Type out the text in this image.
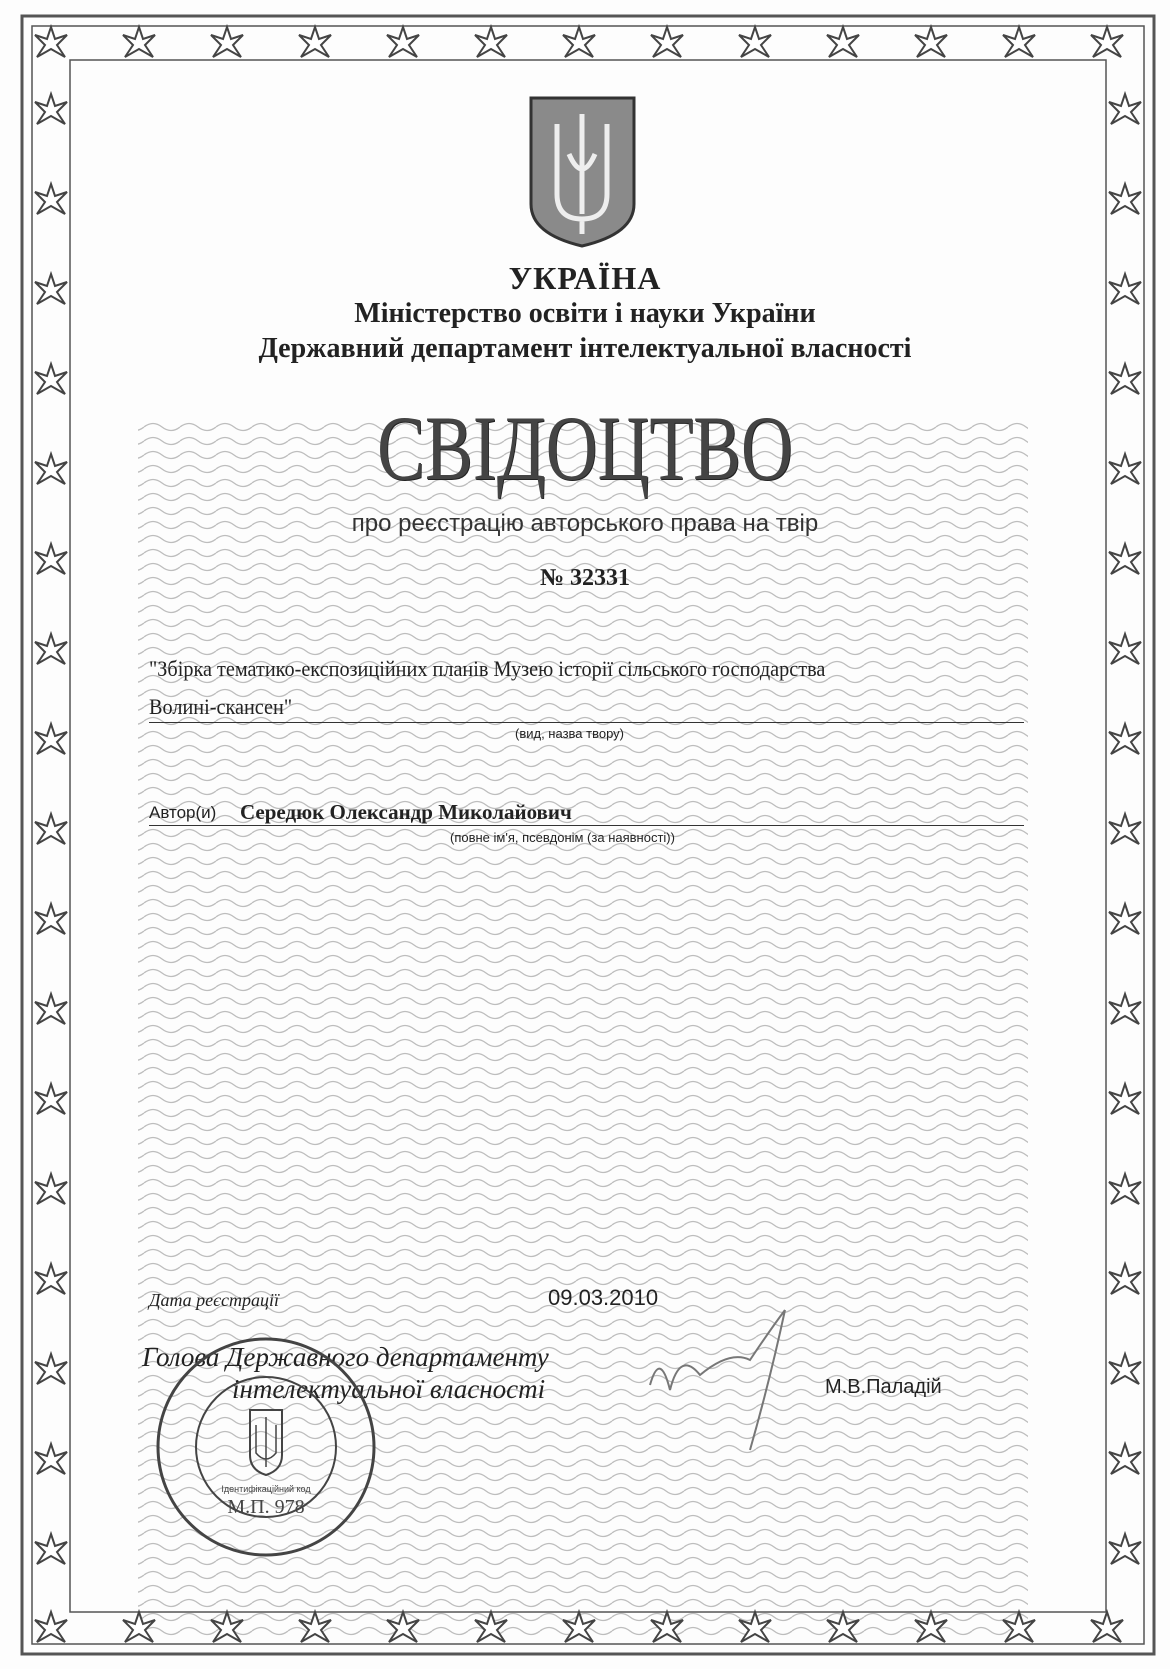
УКРАЇНА
Міністерство освіти і науки України
Державний департамент інтелектуальної власності
СВІДОЦТВО
про реєстрацію авторського права на твір
№ 32331
"Збірка тематико-експозиційних планів Музею історії сільського господарства
Волині-скансен"
(вид, назва твору)
Автор(и) Середюк Олександр Миколайович
(повне ім'я, псевдонім (за наявності))
Дата реєстрації	09.03.2010
Голова Державного департаменту
інтелектуальної власності	М.В.Паладій
Ідентифікаційний код
М.П. 978
